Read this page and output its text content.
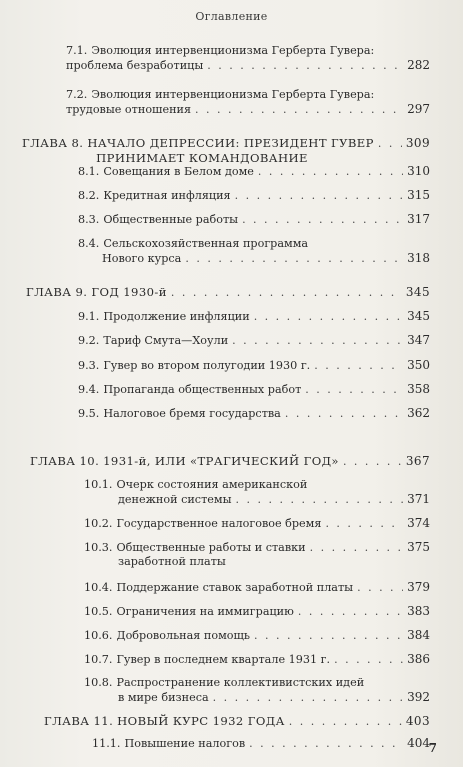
Оглавление
7.1. Эволюция интервенционизма Герберта Гувера:
проблема безработицы . . .	282
7.2. Эволюция интервенционизма Герберта Гувера:
трудовые отношения . . .	297
ГЛАВА 8. НАЧАЛО ДЕПРЕССИИ: ПРЕЗИДЕНТ ГУВЕР . . .	309
ПРИНИМАЕТ КОМАНДОВАНИЕ
8.1. Совещания в Белом доме . . .	310
8.2. Кредитная инфляция . . .	315
8.3. Общественные работы . . .	317
8.4. Сельскохозяйственная программа
Нового курса . . .	318
ГЛАВА 9. ГОД 1930-й . . .	345
9.1. Продолжение инфляции . . .	345
9.2. Тариф Смута—Хоули . . .	347
9.3. Гувер во втором полугодии 1930 г. . . .	350
9.4. Пропаганда общественных работ . . .	358
9.5. Налоговое бремя государства . . .	362
ГЛАВА 10. 1931-й, ИЛИ «ТРАГИЧЕСКИЙ ГОД» . . .	367
10.1. Очерк состояния американской
денежной системы . . .	371
10.2. Государственное налоговое бремя . . .	374
10.3. Общественные работы и ставки . . .	375
заработной платы
10.4. Поддержание ставок заработной платы . . .	379
10.5. Ограничения на иммиграцию . . .	383
10.6. Добровольная помощь . . .	384
10.7. Гувер в последнем квартале 1931 г. . . .	386
10.8. Распространение коллективистских идей
в мире бизнеса . . .	392
ГЛАВА 11. НОВЫЙ КУРС 1932 ГОДА . . .	403
11.1. Повышение налогов . . .	404
7
